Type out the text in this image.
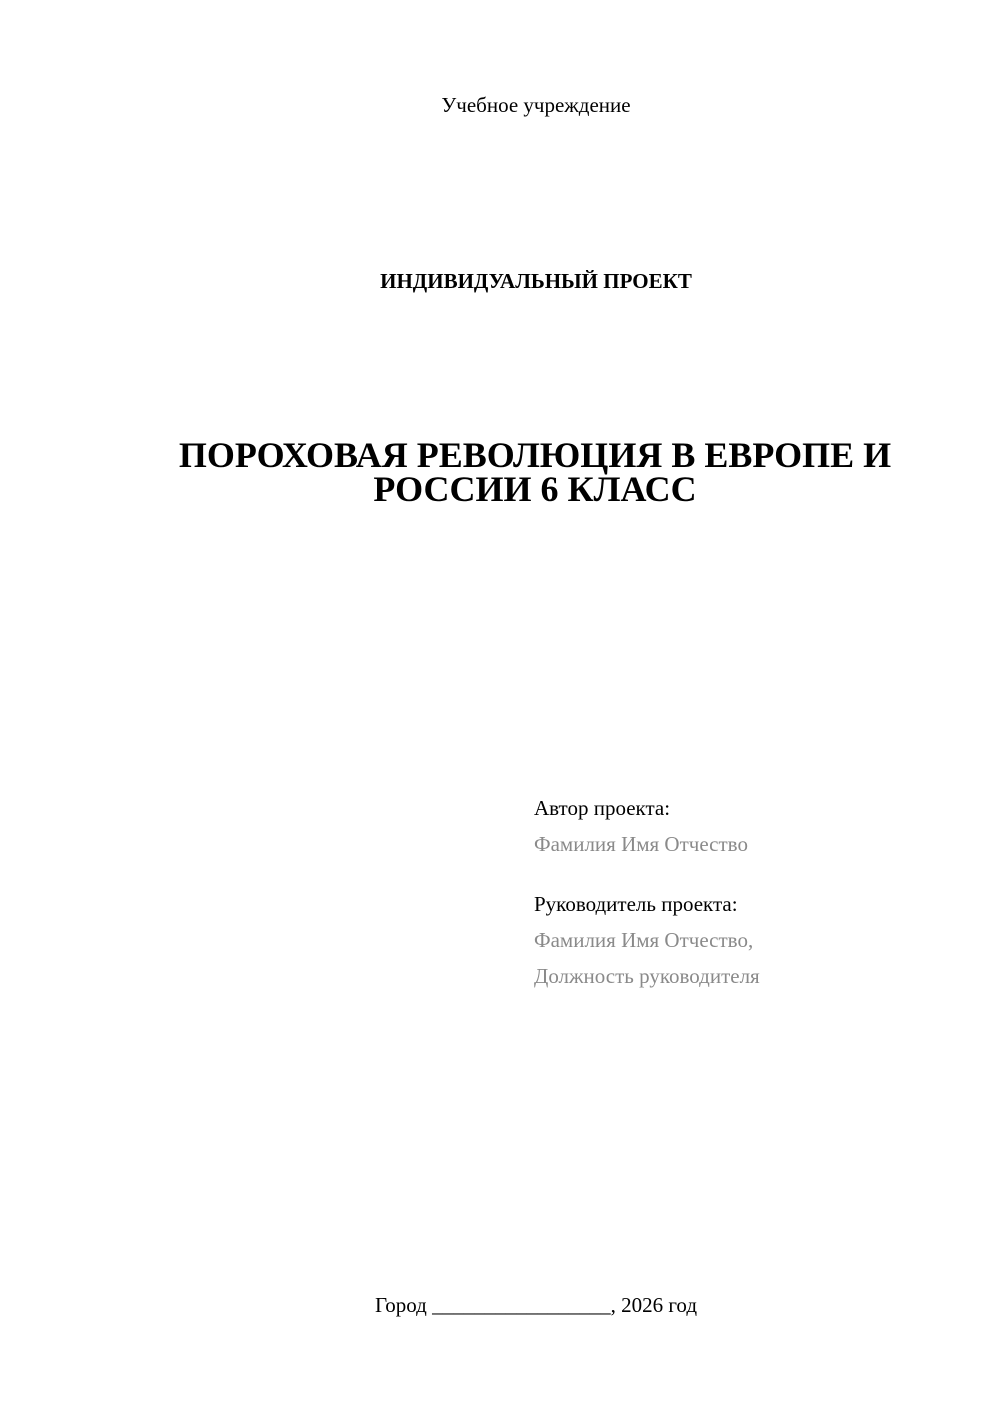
Учебное учреждение
ИНДИВИДУАЛЬНЫЙ ПРОЕКТ
ПОРОХОВАЯ РЕВОЛЮЦИЯ В ЕВРОПЕ И
РОССИИ 6 КЛАСС
Автор проекта:
Фамилия Имя Отчество
Руководитель проекта:
Фамилия Имя Отчество,
Должность руководителя
Город _________________, 2026 год
